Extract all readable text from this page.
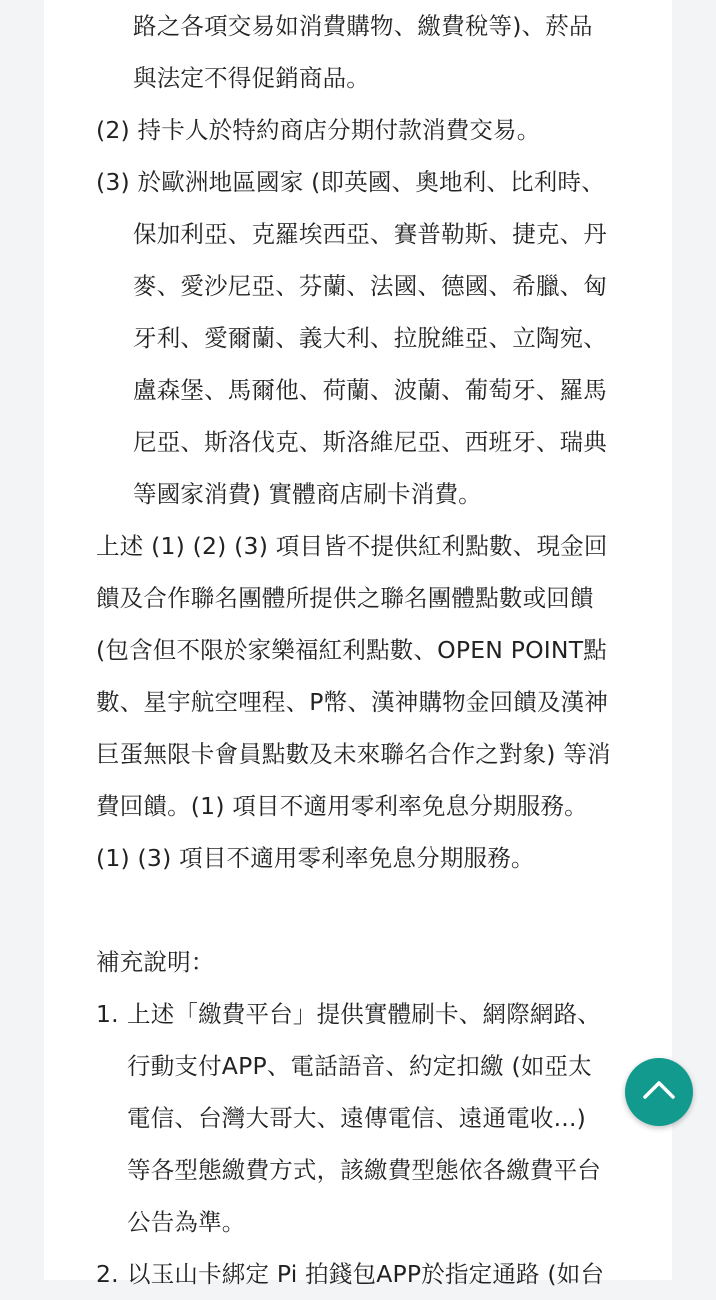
路之各項交易如消費購物、繳費稅等)、菸品
與法定不得促銷商品。
(2) 持卡人於特約商店分期付款消費交易。
(3) 於歐洲地區國家 (即英國、奧地利、比利時、
保加利亞、克羅埃西亞、賽普勒斯、捷克、丹
麥、愛沙尼亞、芬蘭、法國、德國、希臘、匈
牙利、愛爾蘭、義大利、拉脫維亞、立陶宛、
盧森堡、馬爾他、荷蘭、波蘭、葡萄牙、羅馬
尼亞、斯洛伐克、斯洛維尼亞、西班牙、瑞典
等國家消費) 實體商店刷卡消費。
上述 (1) (2) (3) 項目皆不提供紅利點數、現金回
饋及合作聯名團體所提供之聯名團體點數或回饋
(包含但不限於家樂福紅利點數、OPEN POINT點
數、星宇航空哩程、P幣、漢神購物金回饋及漢神
巨蛋無限卡會員點數及未來聯名合作之對象) 等消
費回饋。(1) 項目不適用零利率免息分期服務。
(1) (3) 項目不適用零利率免息分期服務。
補充說明：
1. 上述「繳費平台」提供實體刷卡、網際網路、
行動支付APP、電話語音、約定扣繳 (如亞太
電信、台灣大哥大、遠傳電信、遠通電收...)
等各型態繳費方式，該繳費型態依各繳費平台
公告為準。
2. 以玉山卡綁定 Pi 拍錢包APP於指定通路 (如台
